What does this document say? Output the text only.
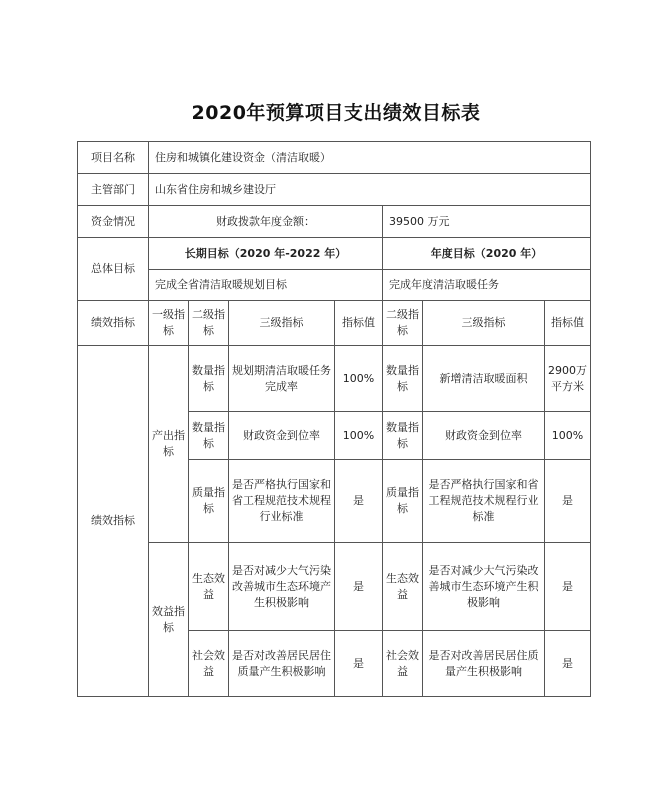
2020年预算项目支出绩效目标表
项目名称	住房和城镇化建设资金（清洁取暖）						
主管部门	山东省住房和城乡建设厅						
资金情况	财政拨款年度金额：				39500 万元		
总体目标	长期目标（2020 年-2022 年）				年度目标（2020 年）		
	完成全省清洁取暖规划目标				完成年度清洁取暖任务		
绩效指标	一级指标	二级指标	三级指标	指标值	二级指标	三级指标	指标值
绩效指标	产出指标	数量指标	规划期清洁取暖任务完成率	100%	数量指标	新增清洁取暖面积	2900万平方米
		数量指标	财政资金到位率	100%	数量指标	财政资金到位率	100%
		质量指标	是否严格执行国家和省工程规范技术规程行业标准	是	质量指标	是否严格执行国家和省工程规范技术规程行业标准	是
	效益指标	生态效益	是否对减少大气污染改善城市生态环境产生积极影响	是	生态效益	是否对减少大气污染改善城市生态环境产生积极影响	是
		社会效益	是否对改善居民居住质量产生积极影响	是	社会效益	是否对改善居民居住质量产生积极影响	是
